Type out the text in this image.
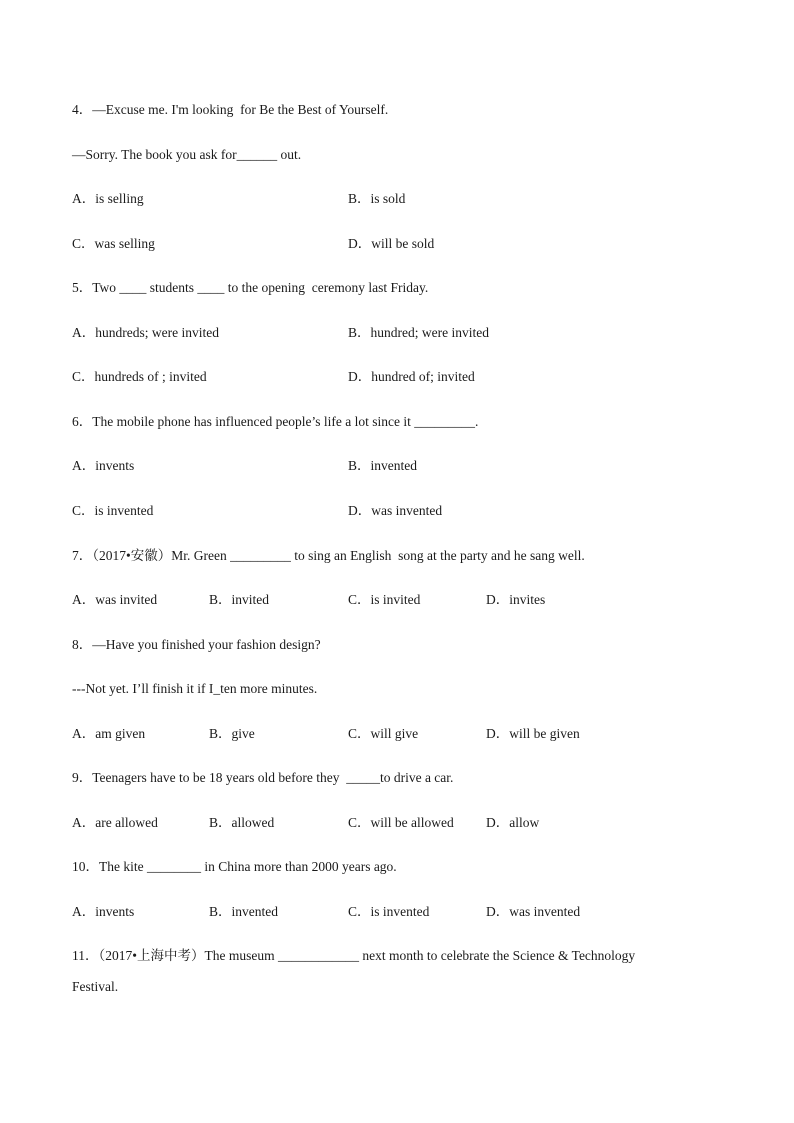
4．—Excuse me. I'm looking  for Be the Best of Yourself.
—Sorry. The book you ask for______ out.
A．is selling	B．is sold
C．was selling	D．will be sold
5．Two ____ students ____ to the opening  ceremony last Friday.
A．hundreds; were invited	B．hundred; were invited
C．hundreds of ; invited	D．hundred of; invited
6．The mobile phone has influenced people’s life a lot since it _________.
A．invents	B．invented
C．is invented	D．was invented
7．（2017•安徽）Mr. Green _________ to sing an English  song at the party and he sang well.
A．was invited	B．invited	C．is invited	D．invites
8．—Have you finished your fashion design?
---Not yet. I’ll finish it if I_ten more minutes.
A．am given	B．give	C．will give	D．will be given
9．Teenagers have to be 18 years old before they  _____to drive a car.
A．are allowed	B．allowed	C．will be allowed D．allow
10．The kite ________ in China more than 2000 years ago.
A．invents	B．invented	C．is invented	D．was invented
11．（2017•上海中考）The museum ____________ next month to celebrate the Science & Technology
Festival.
